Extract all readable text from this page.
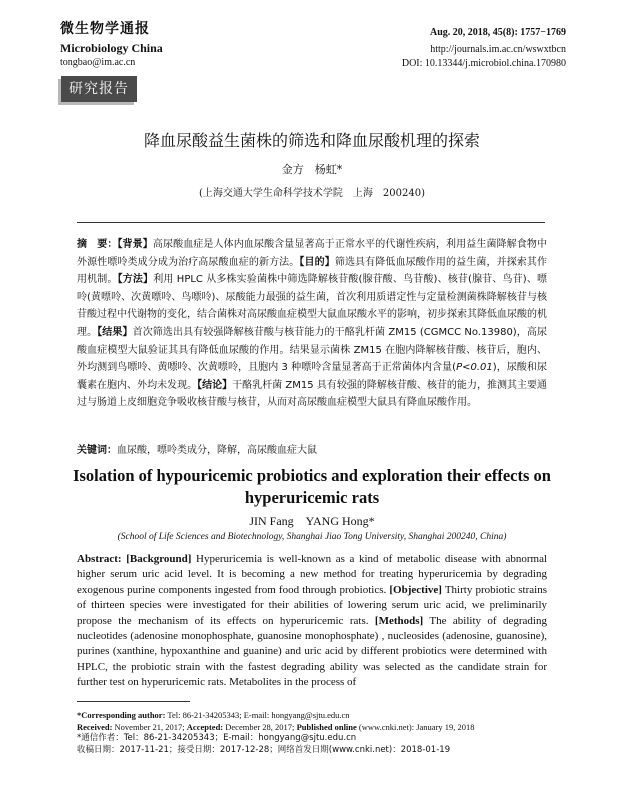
微生物学通报
Microbiology China
tongbao@im.ac.cn
Aug. 20, 2018, 45(8): 1757−1769
http://journals.im.ac.cn/wswxtbcn
DOI: 10.13344/j.microbiol.china.170980
研究报告
降血尿酸益生菌株的筛选和降血尿酸机理的探索
金方　杨虹*
(上海交通大学生命科学技术学院　上海　200240)
摘　要：【背景】高尿酸血症是人体内血尿酸含量显著高于正常水平的代谢性疾病，利用益生菌降解食物中外源性嘌呤类成分成为治疗高尿酸血症的新方法。【目的】筛选具有降低血尿酸作用的益生菌，并探索其作用机制。【方法】利用 HPLC 从多株实验菌株中筛选降解核苷酸(腺苷酸、鸟苷酸)、核苷(腺苷、鸟苷)、嘌呤(黄嘌呤、次黄嘌呤、鸟嘌呤)、尿酸能力最强的益生菌，首次利用质谱定性与定量检测菌株降解核苷与核苷酸过程中代谢物的变化，结合菌株对高尿酸血症模型大鼠血尿酸水平的影响，初步探索其降低血尿酸的机理。【结果】首次筛选出具有较强降解核苷酸与核苷能力的干酪乳杆菌 ZM15 (CGMCC No.13980)，高尿酸血症模型大鼠验证其具有降低血尿酸的作用。结果显示菌株 ZM15 在胞内降解核苷酸、核苷后，胞内、外均测到鸟嘌呤、黄嘌呤、次黄嘌呤，且胞内 3 种嘌呤含量显著高于正常菌体内含量(P<0.01)，尿酸和尿囊素在胞内、外均未发现。【结论】干酪乳杆菌 ZM15 具有较强的降解核苷酸、核苷的能力，推测其主要通过与肠道上皮细胞竞争吸收核苷酸与核苷，从而对高尿酸血症模型大鼠具有降血尿酸作用。
关键词：血尿酸，嘌呤类成分，降解，高尿酸血症大鼠
Isolation of hypouricemic probiotics and exploration their effects on hyperuricemic rats
JIN Fang　YANG Hong*
(School of Life Sciences and Biotechnology, Shanghai Jiao Tong University, Shanghai 200240, China)
Abstract: [Background] Hyperuricemia is well-known as a kind of metabolic disease with abnormal higher serum uric acid level. It is becoming a new method for treating hyperuricemia by degrading exogenous purine components ingested from food through probiotics. [Objective] Thirty probiotic strains of thirteen species were investigated for their abilities of lowering serum uric acid, we preliminarily propose the mechanism of its effects on hyperuricemic rats. [Methods] The ability of degrading nucleotides (adenosine monophosphate, guanosine monophosphate) , nucleosides (adenosine, guanosine), purines (xanthine, hypoxanthine and guanine) and uric acid by different probiotics were determined with HPLC, the probiotic strain with the fastest degrading ability was selected as the candidate strain for further test on hyperuricemic rats. Metabolites in the process of
*Corresponding author: Tel: 86-21-34205343; E-mail: hongyang@sjtu.edu.cn
Received: November 21, 2017; Accepted: December 28, 2017; Published online (www.cnki.net): January 19, 2018
*通信作者：Tel：86-21-34205343；E-mail：hongyang@sjtu.edu.cn
收稿日期：2017-11-21；接受日期：2017-12-28；网络首发日期(www.cnki.net)：2018-01-19
